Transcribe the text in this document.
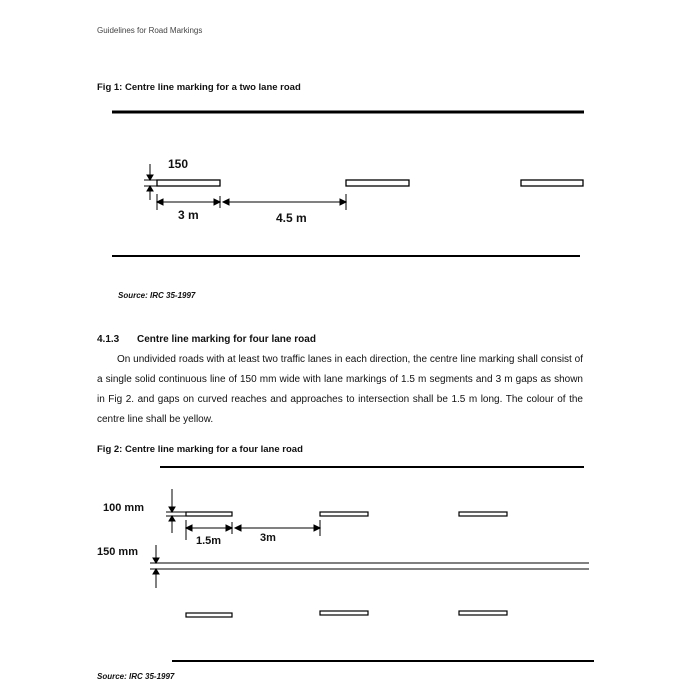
Guidelines for Road Markings
Fig 1: Centre line marking for a two lane road
150
3 m	4.5 m
Source: IRC 35-1997
4.1.3 Centre line marking for four lane road
On undivided roads with at least two traffic lanes in each direction, the centre line marking shall consist of a single solid continuous line of 150 mm wide with lane markings of 1.5 m segments and 3 m gaps as shown in Fig 2. and gaps on curved reaches and approaches to intersection shall be 1.5 m long. The colour of the centre line shall be yellow.
Fig 2: Centre line marking for a four lane road
100 mm
150 mm
1.5m	3m
Source: IRC 35-1997
